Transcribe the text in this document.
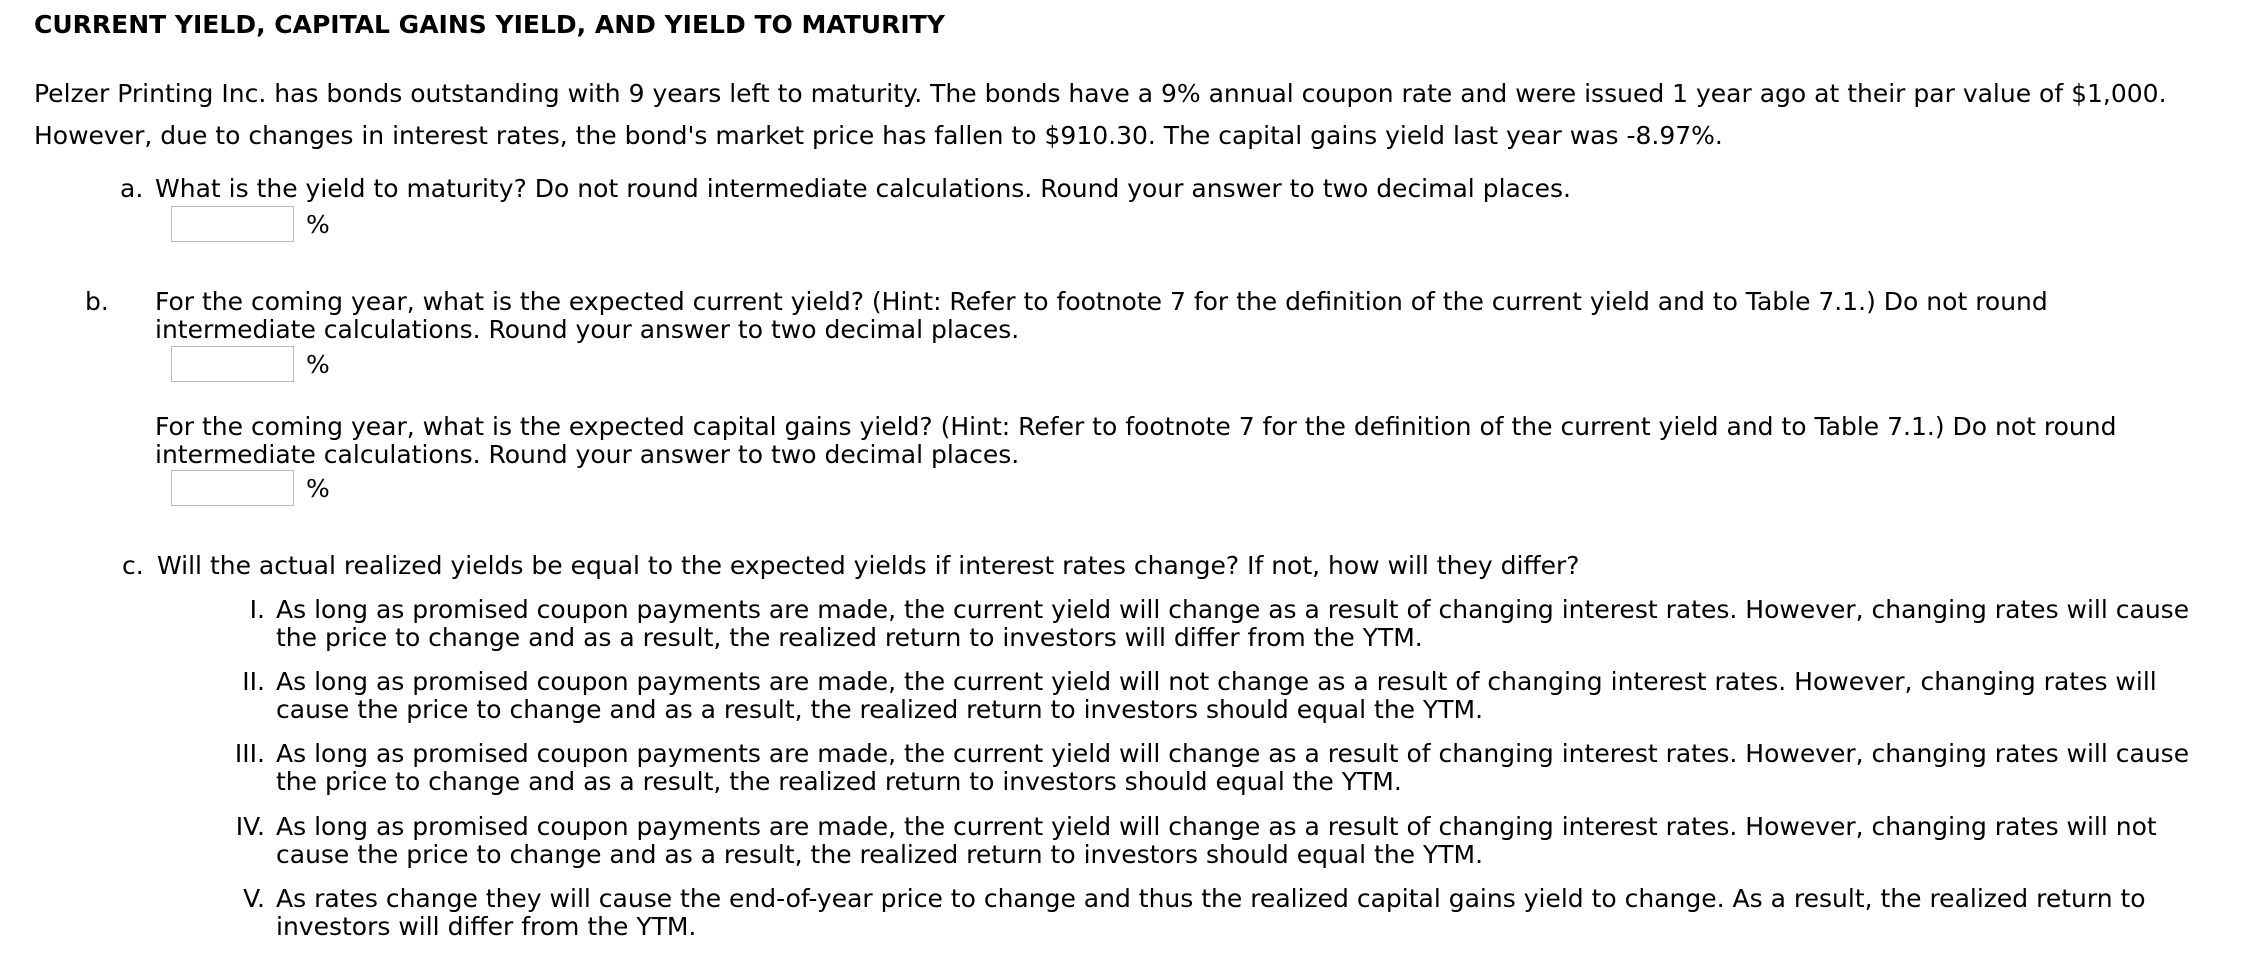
CURRENT YIELD, CAPITAL GAINS YIELD, AND YIELD TO MATURITY

Pelzer Printing Inc. has bonds outstanding with 9 years left to maturity. The bonds have a 9% annual coupon rate and were issued 1 year ago at their par value of $1,000. However, due to changes in interest rates, the bond's market price has fallen to $910.30. The capital gains yield last year was -8.97%.

a. What is the yield to maturity? Do not round intermediate calculations. Round your answer to two decimal places.
%
b. For the coming year, what is the expected current yield? (Hint: Refer to footnote 7 for the definition of the current yield and to Table 7.1.) Do not round intermediate calculations. Round your answer to two decimal places.
%
For the coming year, what is the expected capital gains yield? (Hint: Refer to footnote 7 for the definition of the current yield and to Table 7.1.) Do not round intermediate calculations. Round your answer to two decimal places.
%
c. Will the actual realized yields be equal to the expected yields if interest rates change? If not, how will they differ?
I. As long as promised coupon payments are made, the current yield will change as a result of changing interest rates. However, changing rates will cause the price to change and as a result, the realized return to investors will differ from the YTM.
II. As long as promised coupon payments are made, the current yield will not change as a result of changing interest rates. However, changing rates will cause the price to change and as a result, the realized return to investors should equal the YTM.
III. As long as promised coupon payments are made, the current yield will change as a result of changing interest rates. However, changing rates will cause the price to change and as a result, the realized return to investors should equal the YTM.
IV. As long as promised coupon payments are made, the current yield will change as a result of changing interest rates. However, changing rates will not cause the price to change and as a result, the realized return to investors should equal the YTM.
V. As rates change they will cause the end-of-year price to change and thus the realized capital gains yield to change. As a result, the realized return to investors will differ from the YTM.
